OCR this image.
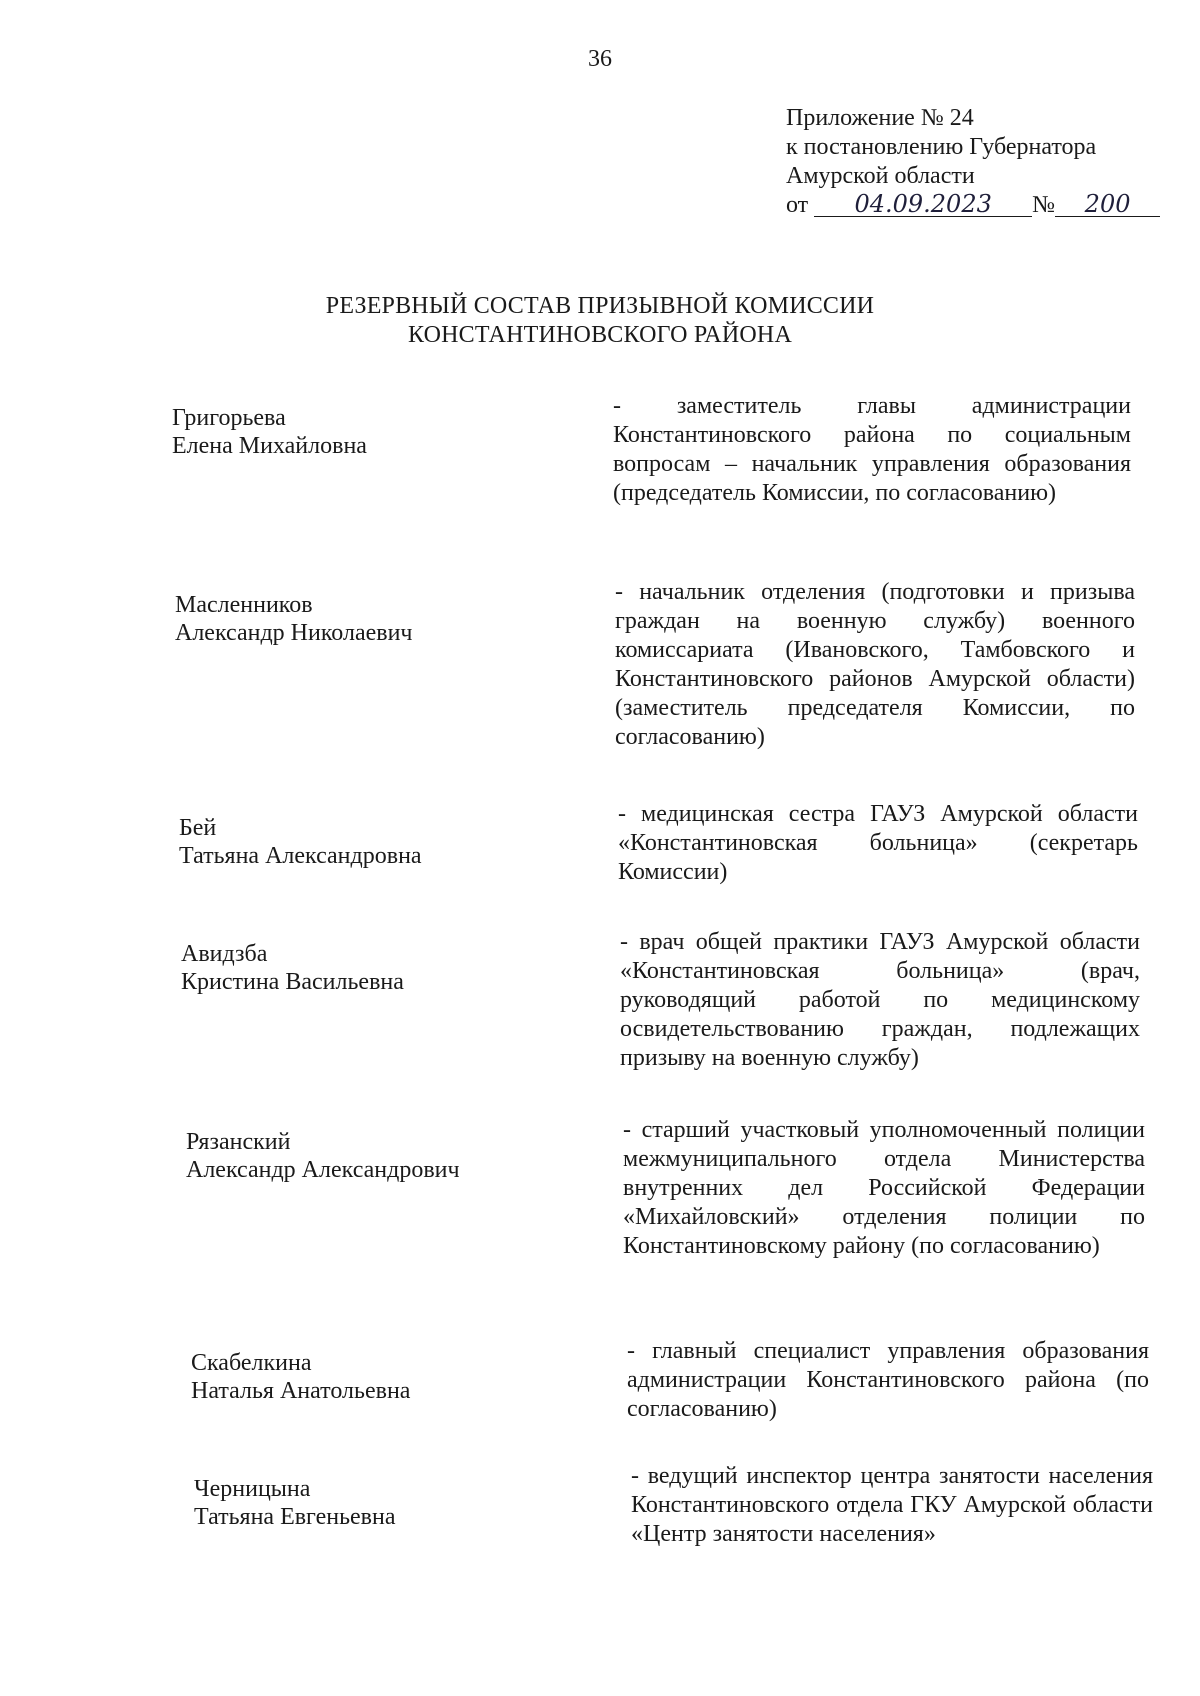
36
Приложение № 24
к постановлению Губернатора
Амурской области
от 04.09.2023 № 200
РЕЗЕРВНЫЙ СОСТАВ ПРИЗЫВНОЙ КОМИССИИ
КОНСТАНТИНОВСКОГО РАЙОНА
Григорьева
Елена Михайловна
- заместитель главы администрации Константиновского района по социальным вопросам – начальник управления образования (председатель Комиссии, по согласованию)
Масленников
Александр Николаевич
- начальник отделения (подготовки и призыва граждан на военную службу) военного комиссариата (Ивановского, Тамбовского и Константиновского районов Амурской области) (заместитель председателя Комиссии, по согласованию)
Бей
Татьяна Александровна
- медицинская сестра ГАУЗ Амурской области «Константиновская больница» (секретарь Комиссии)
Авидзба
Кристина Васильевна
- врач общей практики ГАУЗ Амурской области «Константиновская больница» (врач, руководящий работой по медицинскому освидетельствованию граждан, подлежащих призыву на военную службу)
Рязанский
Александр Александрович
- старший участковый уполномоченный полиции межмуниципального отдела Министерства внутренних дел Российской Федерации «Михайловский» отделения полиции по Константиновскому району (по согласованию)
Скабелкина
Наталья Анатольевна
- главный специалист управления образования администрации Константиновского района (по согласованию)
Черницына
Татьяна Евгеньевна
- ведущий инспектор центра занятости населения Константиновского отдела ГКУ Амурской области «Центр занятости населения»
